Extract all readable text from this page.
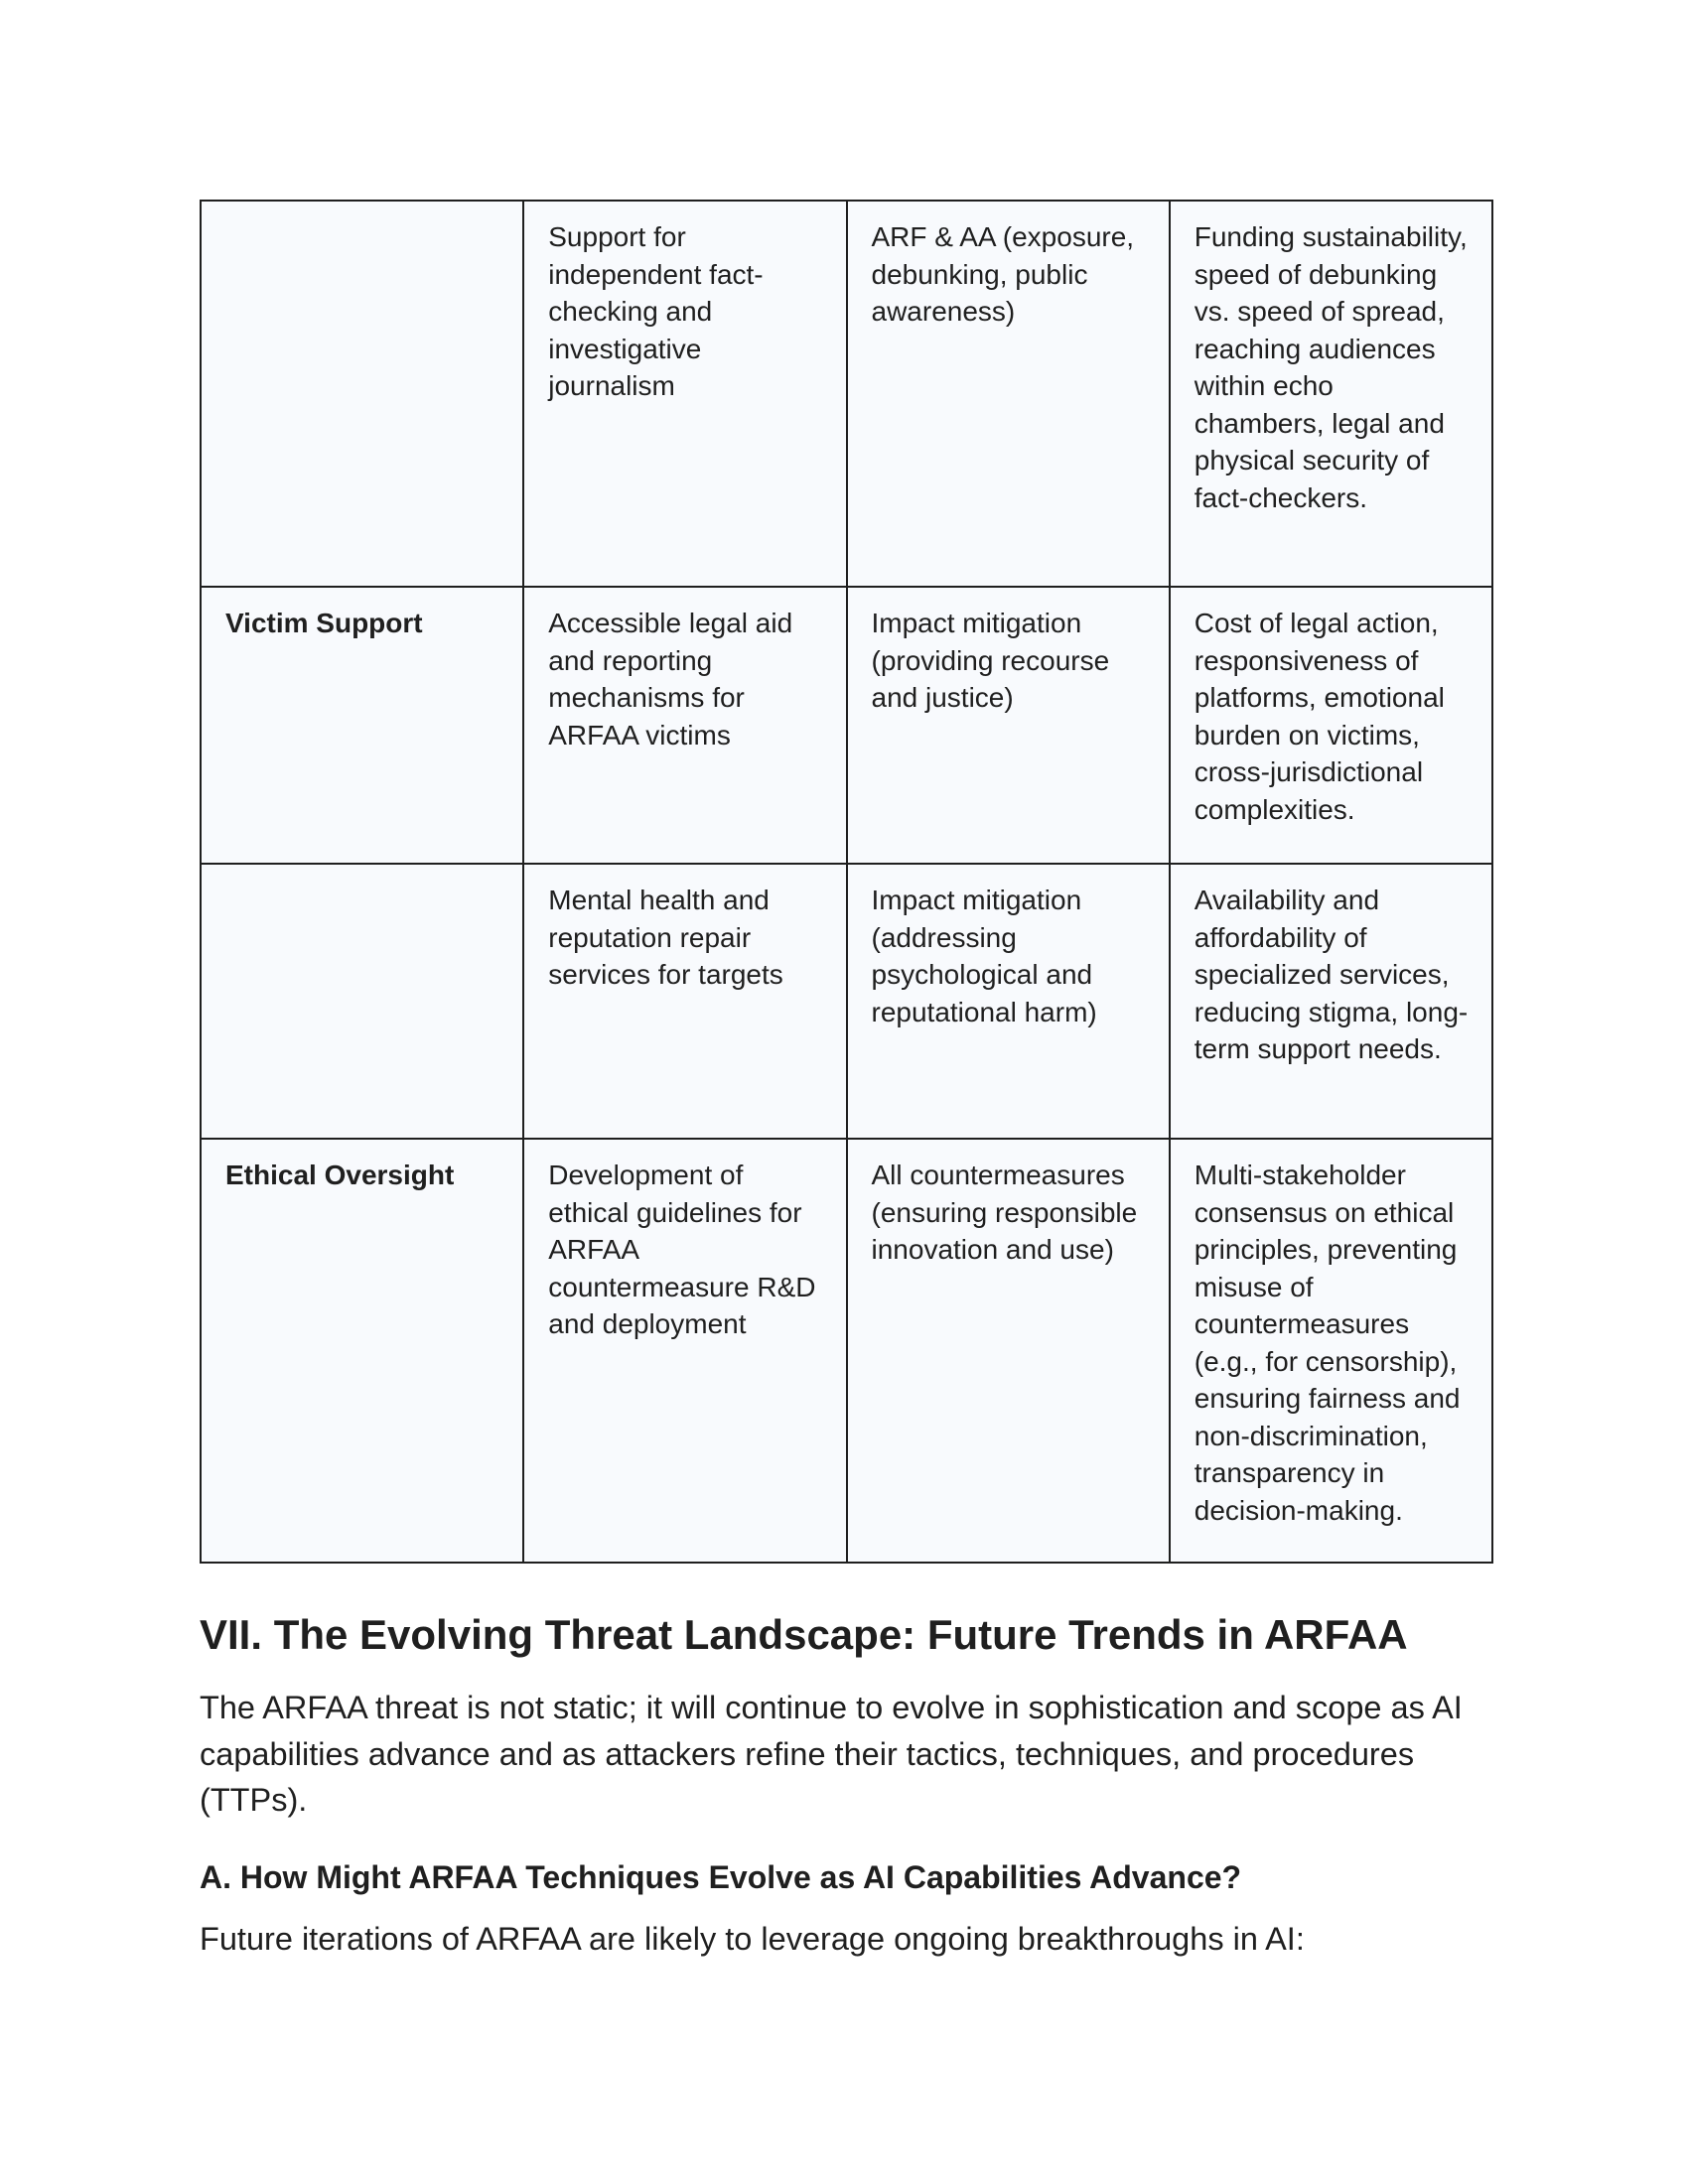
	Support for independent fact-checking and investigative journalism	ARF & AA (exposure, debunking, public awareness)	Funding sustainability, speed of debunking vs. speed of spread, reaching audiences within echo chambers, legal and physical security of fact-checkers.
Victim Support	Accessible legal aid and reporting mechanisms for ARFAA victims	Impact mitigation (providing recourse and justice)	Cost of legal action, responsiveness of platforms, emotional burden on victims, cross-jurisdictional complexities.
	Mental health and reputation repair services for targets	Impact mitigation (addressing psychological and reputational harm)	Availability and affordability of specialized services, reducing stigma, long-term support needs.
Ethical Oversight	Development of ethical guidelines for ARFAA countermeasure R&D and deployment	All countermeasures (ensuring responsible innovation and use)	Multi-stakeholder consensus on ethical principles, preventing misuse of countermeasures (e.g., for censorship), ensuring fairness and non-discrimination, transparency in decision-making.
VII. The Evolving Threat Landscape: Future Trends in ARFAA

The ARFAA threat is not static; it will continue to evolve in sophistication and scope as AI capabilities advance and as attackers refine their tactics, techniques, and procedures (TTPs).

A. How Might ARFAA Techniques Evolve as AI Capabilities Advance?

Future iterations of ARFAA are likely to leverage ongoing breakthroughs in AI:
